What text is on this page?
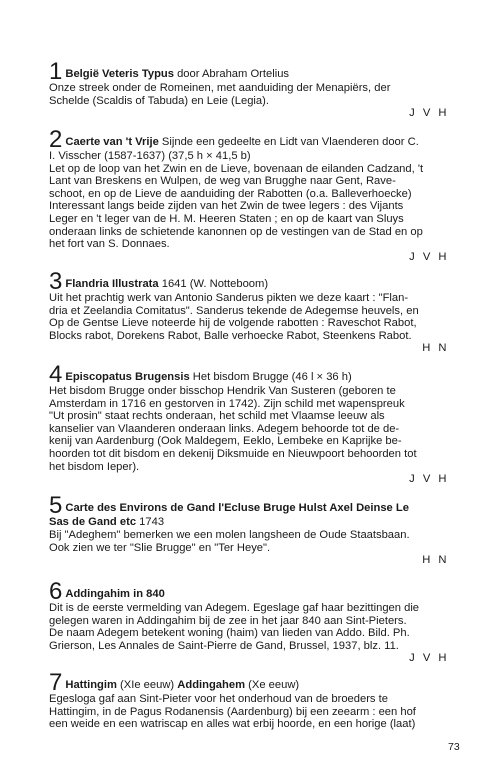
1 België Veteris Typus door Abraham Ortelius

Onze streek onder de Romeinen, met aanduiding der Menapiërs, der

Schelde (Scaldis of Tabuda) en Leie (Legia).

J V H

2 Caerte van 't Vrije Sijnde een gedeelte en Lidt van Vlaenderen door C.

I. Visscher (1587-1637) (37,5 h × 41,5 b)

Let op de loop van het Zwin en de Lieve, bovenaan de eilanden Cadzand, 't

Lant van Breskens en Wulpen, de weg van Brugghe naar Gent, Rave-

schoot, en op de Lieve de aanduiding der Rabotten (o.a. Balleverhoecke)

Interessant langs beide zijden van het Zwin de twee legers : des Vijants

Leger en 't leger van de H. M. Heeren Staten ; en op de kaart van Sluys

onderaan links de schietende kanonnen op de vestingen van de Stad en op

het fort van S. Donnaes.

J V H

3 Flandria Illustrata 1641 (W. Notteboom)

Uit het prachtig werk van Antonio Sanderus pikten we deze kaart : "Flan-

dria et Zeelandia Comitatus". Sanderus tekende de Adegemse heuvels, en

Op de Gentse Lieve noteerde hij de volgende rabotten : Raveschot Rabot,

Blocks rabot, Dorekens Rabot, Balle verhoecke Rabot, Steenkens Rabot.

H N

4 Episcopatus Brugensis Het bisdom Brugge (46 l × 36 h)

Het bisdom Brugge onder bisschop Hendrik Van Susteren (geboren te

Amsterdam in 1716 en gestorven in 1742). Zijn schild met wapenspreuk

"Ut prosin" staat rechts onderaan, het schild met Vlaamse leeuw als

kanselier van Vlaanderen onderaan links. Adegem behoorde tot de de-

kenij van Aardenburg (Ook Maldegem, Eeklo, Lembeke en Kaprijke be-

hoorden tot dit bisdom en dekenij Diksmuide en Nieuwpoort behoorden tot

het bisdom Ieper).

J V H

5 Carte des Environs de Gand l'Ecluse Bruge Hulst Axel Deinse Le
Sas de Gand etc 1743

Bij "Adeghem" bemerken we een molen langsheen de Oude Staatsbaan.

Ook zien we ter "Slie Brugge" en "Ter Heye".

H N

6 Addingahim in 840

Dit is de eerste vermelding van Adegem. Egeslage gaf haar bezittingen die

gelegen waren in Addingahim bij de zee in het jaar 840 aan Sint-Pieters.

De naam Adegem betekent woning (haim) van lieden van Addo. Bild. Ph.

Grierson, Les Annales de Saint-Pierre de Gand, Brussel, 1937, blz. 11.

J V H

7 Hattingim (XIe eeuw) Addingahem (Xe eeuw)

Egesloga gaf aan Sint-Pieter voor het onderhoud van de broeders te

Hattingim, in de Pagus Rodanensis (Aardenburg) bij een zeearm : een hof

een weide en een watriscap en alles wat erbij hoorde, en een horige (laat)

73
